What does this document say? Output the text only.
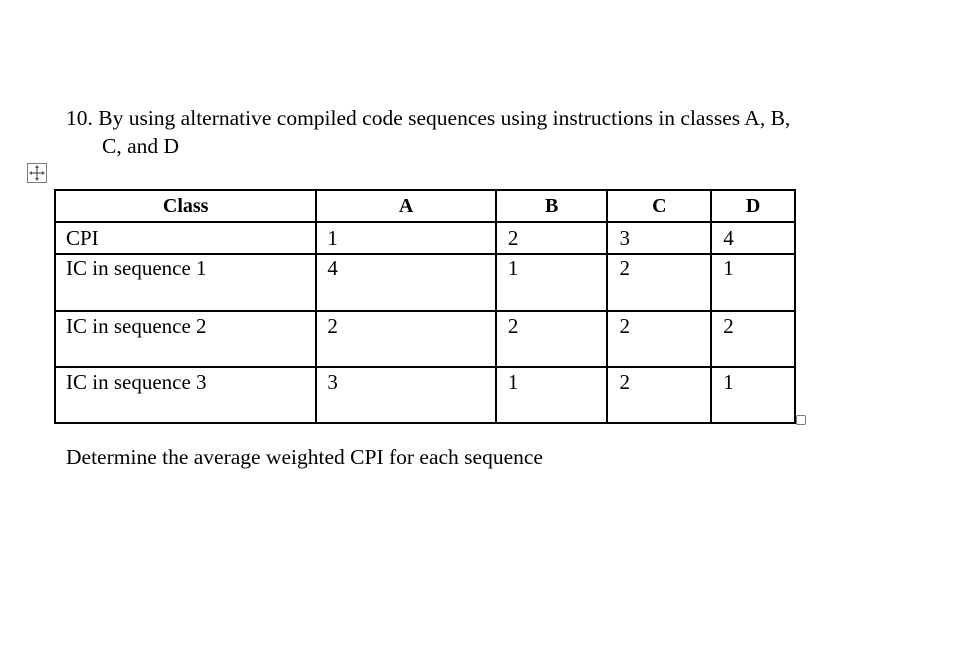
10. By using alternative compiled code sequences using instructions in classes A, B,
C, and D
Class	A	B	C	D
CPI	1	2	3	4
IC in sequence 1	4	1	2	1
IC in sequence 2	2	2	2	2
IC in sequence 3	3	1	2	1
Determine the average weighted CPI for each sequence
